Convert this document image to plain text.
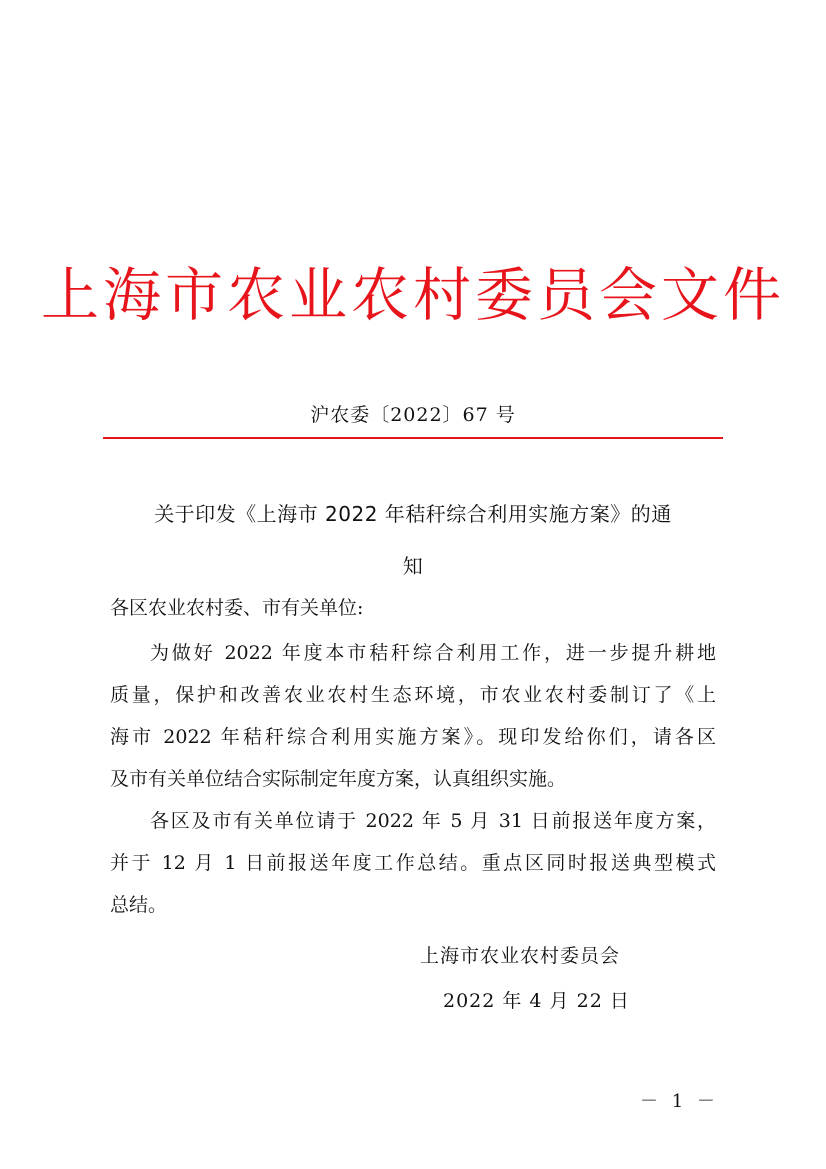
上海市农业农村委员会文件
沪农委〔2022〕67 号
关于印发《上海市 2022 年秸秆综合利用实施方案》的通
知
各区农业农村委、市有关单位:
为做好 2022 年度本市秸秆综合利用工作，进一步提升耕地
质量，保护和改善农业农村生态环境，市农业农村委制订了《上
海市 2022 年秸秆综合利用实施方案》。现印发给你们，请各区
及市有关单位结合实际制定年度方案，认真组织实施。
各区及市有关单位请于 2022 年 5 月 31 日前报送年度方案，
并于 12 月 1 日前报送年度工作总结。重点区同时报送典型模式
总结。
上海市农业农村委员会
2022 年 4 月 22 日
－ 1 －
